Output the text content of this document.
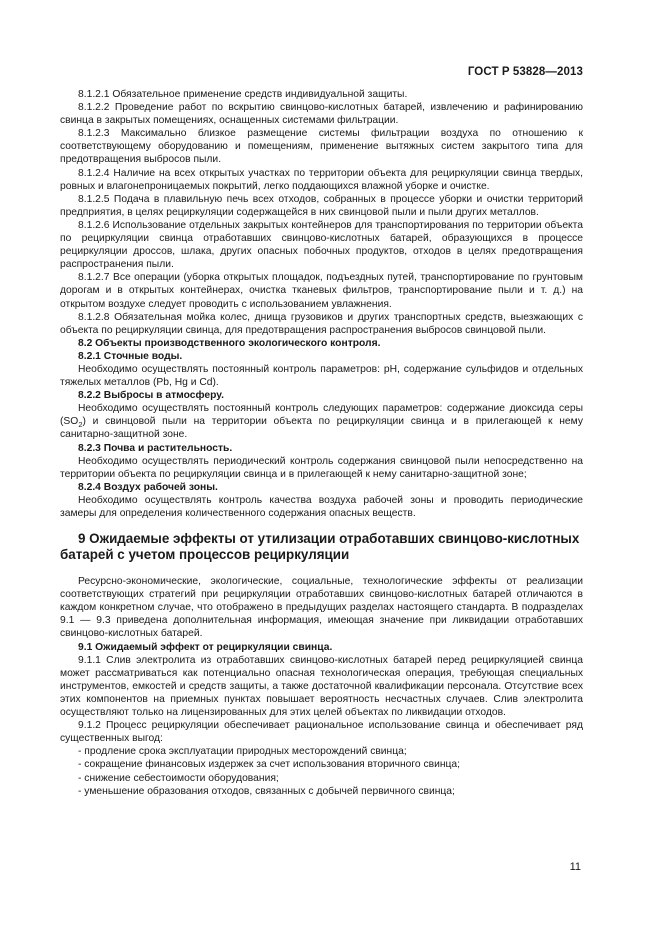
ГОСТ Р 53828—2013

8.1.2.1 Обязательное применение средств индивидуальной защиты.

8.1.2.2 Проведение работ по вскрытию свинцово-кислотных батарей, извлечению и рафинированию свинца в закрытых помещениях, оснащенных системами фильтрации.

8.1.2.3 Максимально близкое размещение системы фильтрации воздуха по отношению к соответствующему оборудованию и помещениям, применение вытяжных систем закрытого типа для предотвращения выбросов пыли.

8.1.2.4 Наличие на всех открытых участках по территории объекта для рециркуляции свинца твердых, ровных и влагонепроницаемых покрытий, легко поддающихся влажной уборке и очистке.

8.1.2.5 Подача в плавильную печь всех отходов, собранных в процессе уборки и очистки территорий предприятия, в целях рециркуляции содержащейся в них свинцовой пыли и пыли других металлов.

8.1.2.6 Использование отдельных закрытых контейнеров для транспортирования по территории объекта по рециркуляции свинца отработавших свинцово-кислотных батарей, образующихся в процессе рециркуляции дроссов, шлака, других опасных побочных продуктов, отходов в целях предотвращения распространения пыли.

8.1.2.7 Все операции (уборка открытых площадок, подъездных путей, транспортирование по грунтовым дорогам и в открытых контейнерах, очистка тканевых фильтров, транспортирование пыли и т. д.) на открытом воздухе следует проводить с использованием увлажнения.

8.1.2.8 Обязательная мойка колес, днища грузовиков и других транспортных средств, выезжающих с объекта по рециркуляции свинца, для предотвращения распространения выбросов свинцовой пыли.

8.2 Объекты производственного экологического контроля.

8.2.1 Сточные воды.

Необходимо осуществлять постоянный контроль параметров: pH, содержание сульфидов и отдельных тяжелых металлов (Pb, Hg и Cd).

8.2.2 Выбросы в атмосферу.

Необходимо осуществлять постоянный контроль следующих параметров: содержание диоксида серы $(SO_2)$ и свинцовой пыли на территории объекта по рециркуляции свинца и в прилегающей к нему санитарно-защитной зоне.

8.2.3 Почва и растительность.

Необходимо осуществлять периодический контроль содержания свинцовой пыли непосредственно на территории объекта по рециркуляции свинца и в прилегающей к нему санитарно-защитной зоне;

8.2.4 Воздух рабочей зоны.

Необходимо осуществлять контроль качества воздуха рабочей зоны и проводить периодические замеры для определения количественного содержания опасных веществ.

9 Ожидаемые эффекты от утилизации отработавших свинцово-кислотных батарей с учетом процессов рециркуляции

Ресурсно-экономические, экологические, социальные, технологические эффекты от реализации соответствующих стратегий при рециркуляции отработавших свинцово-кислотных батарей отличаются в каждом конкретном случае, что отображено в предыдущих разделах настоящего стандарта. В подразделах 9.1 — 9.3 приведена дополнительная информация, имеющая значение при ликвидации отработавших свинцово-кислотных батарей.

9.1 Ожидаемый эффект от рециркуляции свинца.

9.1.1 Слив электролита из отработавших свинцово-кислотных батарей перед рециркуляцией свинца может рассматриваться как потенциально опасная технологическая операция, требующая специальных инструментов, емкостей и средств защиты, а также достаточной квалификации персонала. Отсутствие всех этих компонентов на приемных пунктах повышает вероятность несчастных случаев. Слив электролита осуществляют только на лицензированных для этих целей объектах по ликвидации отходов.

9.1.2 Процесс рециркуляции обеспечивает рациональное использование свинца и обеспечивает ряд существенных выгод:

- продление срока эксплуатации природных месторождений свинца;

- сокращение финансовых издержек за счет использования вторичного свинца;

- снижение себестоимости оборудования;

- уменьшение образования отходов, связанных с добычей первичного свинца;

11
